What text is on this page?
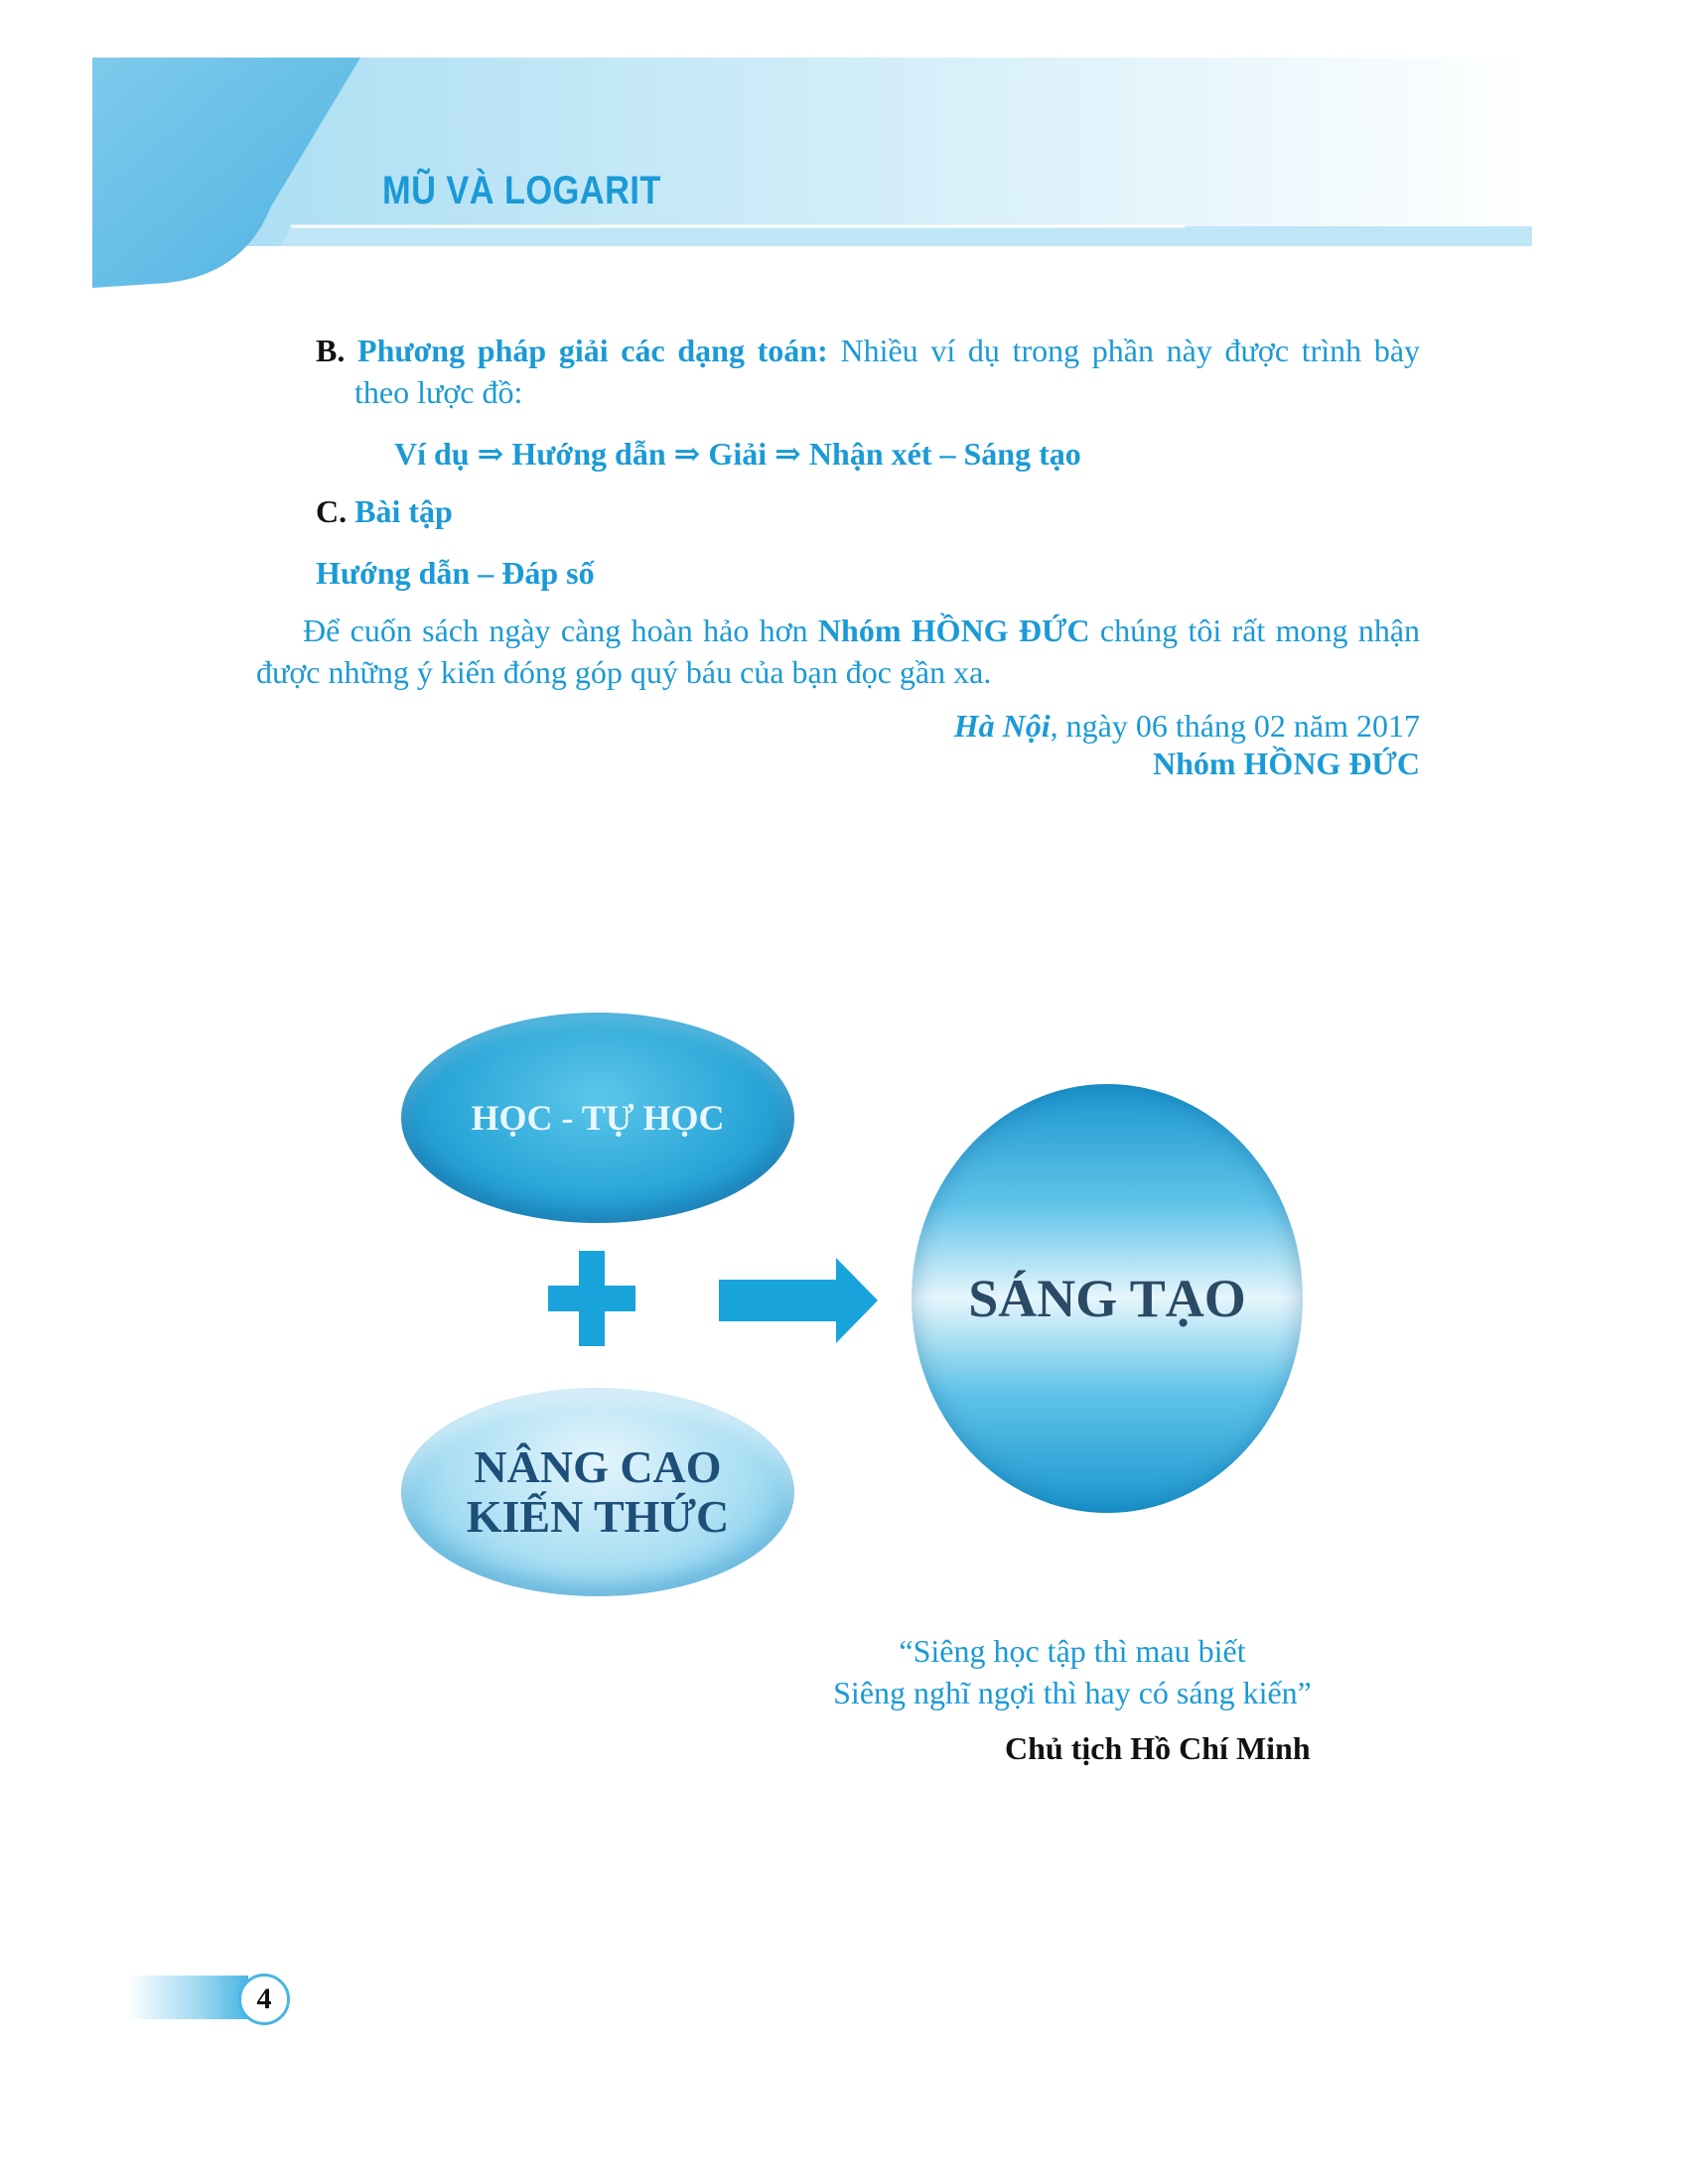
MŨ VÀ LOGARIT
B. Phương pháp giải các dạng toán: Nhiều ví dụ trong phần này được trình bày
theo lược đồ:
Ví dụ ⇒ Hướng dẫn ⇒ Giải ⇒ Nhận xét – Sáng tạo
C. Bài tập
Hướng dẫn – Đáp số
Để cuốn sách ngày càng hoàn hảo hơn Nhóm HỒNG ĐỨC chúng tôi rất mong nhận
được những ý kiến đóng góp quý báu của bạn đọc gần xa.
Hà Nội, ngày 06 tháng 02 năm 2017
Nhóm HỒNG ĐỨC
HỌC - TỰ HỌC
NÂNG CAO
KIẾN THỨC
SÁNG TẠO
“Siêng học tập thì mau biết
Siêng nghĩ ngợi thì hay có sáng kiến”
Chủ tịch Hồ Chí Minh
4
